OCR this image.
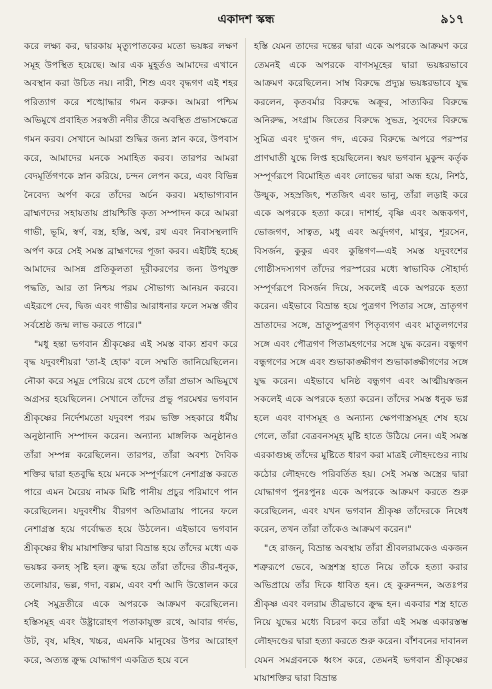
একাদশ স্কন্ধ	৯১৭

করে লক্ষ্য কর, দ্বারকায় মৃত্যুপাতকের মতো ভয়ঙ্কর লক্ষণ সমূহ উপস্থিত হয়েছে। আর এক মুহূর্তও আমাদের এখানে অবস্থান করা উচিত নয়। নারী, শিশু এবং বৃদ্ধগণ এই শহর পরিত্যাগ করে শঙ্খোদ্ধার গমন করুক। আমরা পশ্চিম অভিমুখে প্রবাহিত সরস্বতী নদীর তীরে অবস্থিত প্রভাসক্ষেত্রে গমন করব। সেখানে আমরা শুদ্ধির জন্য স্নান করে, উপবাস করে, আমাদের মনকে সমাহিত করব। তারপর আমরা বেদমূর্তিগণকে স্নান করিয়ে, চন্দন লেপন করে, এবং বিভিন্ন নৈবেদ্য অর্পণ করে তাঁদের অর্চন করব। মহাভাগ্যবান ব্রাহ্মণদের সহায়তায় প্রায়শ্চিত্তি কৃত্য সম্পাদন করে আমরা গাভী, ভূমি, স্বর্ণ, বস্ত্র, হস্তি, অশ্ব, রথ এবং নিবাসস্থলাদি অর্পণ করে সেই সমস্ত ব্রাহ্মণদের পূজা করব। এইটিই হচ্ছে আমাদের আসন্ন প্রতিকূলতা দূরীকরণের জন্য উপযুক্ত পদ্ধতি, আর তা নিশ্চয় পরম সৌভাগ্য আনয়ন করবে। এইরূপে দেব, দ্বিজ এবং গাভীর আরাধনার ফলে সমস্ত জীব সর্বশ্রেষ্ঠ জন্ম লাভ করতে পারে।"

"মধু হন্তা ভগবান শ্রীকৃষ্ণের এই সমস্ত বাক্য শ্রবণ করে বৃদ্ধ যদুবংশীয়রা 'তা-ই হোক' বলে সম্মতি জানিয়েছিলেন। নৌকা করে সমুদ্র পেরিয়ে রথে চেপে তাঁরা প্রভাস অভিমুখে অগ্রসর হয়েছিলেন। সেখানে তাঁদের প্রভু পরমেশ্বর ভগবান শ্রীকৃষ্ণের নির্দেশমতো যদুবংশ পরম ভক্তি সহকারে ধর্মীয় অনুষ্ঠানাদি সম্পাদন করেন। অন্যান্য মাঙ্গলিক অনুষ্ঠানও তাঁরা সম্পন্ন করেছিলেন। তারপর, তাঁরা অবশ্য দৈবিক শক্তির দ্বারা হতবুদ্ধি হয়ে মনকে সম্পূর্ণরূপে নেশাগ্রস্ত করতে পারে এমন মৈরেয় নামক মিষ্টি পানীয় প্রচুর পরিমাণে পান করেছিলেন। যদুবংশীয় বীরগণ অতিমাত্রায় পানের ফলে নেশাগ্রস্ত হয়ে গর্বোদ্ধত হয়ে উঠলেন। এইভাবে ভগবান শ্রীকৃষ্ণের স্বীয় মায়াশক্তির দ্বারা বিভ্রান্ত হয়ে তাঁদের মধ্যে এক ভয়ঙ্কর কলহ সৃষ্টি হল। ক্রুদ্ধ হয়ে তাঁরা তাঁদের তীর-ধনুক, তলোয়ার, ভল্ল, গদা, বল্লম, এবং বর্শা আদি উত্তোলন করে সেই সমুদ্রতীরে একে অপরকে আক্রমণ করেছিলেন। হস্তিসমূহ এবং উষ্ট্রারোহণ পতাকাযুক্ত রথে, আবার গর্দভ, উট, বৃষ, মহিষ, খচ্চর, এমনকি মানুষের উপর আরোহণ করে, অত্যন্ত ক্রুদ্ধ যোদ্ধাগণ একত্রিত হয়ে বনে

হস্তি যেমন তাদের দন্তের দ্বারা একে অপরকে আক্রমণ করে তেমনই একে অপরকে বাণসমূহের দ্বারা ভয়ঙ্করভাবে আক্রমণ করেছিলেন। সাম্ব বিরুদ্ধে প্রদ্যুম্ন ভয়ঙ্করভাবে যুদ্ধ করলেন, কৃতবর্মার বিরুদ্ধে অক্রূর, সাত্যকির বিরুদ্ধে অনিরুদ্ধ, সংগ্রাম জিতের বিরুদ্ধে সুভদ্র, সুবদের বিরুদ্ধে সুমিত্র এবং দু'জন গদ, একের বিরুদ্ধে অপরে পরস্পর প্রাণঘাতী যুদ্ধে লিপ্ত হয়েছিলেন। স্বয়ং ভগবান মুকুন্দ কর্তৃক সম্পূর্ণরূপে বিমোহিত এবং লোভের দ্বারা অন্ধ হয়ে, নিশঠ, উল্মুক, সহস্রজিৎ, শতজিৎ এবং ভানু, তাঁরা লড়াই করে একে অপরকে হত্যা করে। দাশার্হ, বৃষ্ণি এবং অন্ধকগণ, ভোজগণ, সাত্বত, মধু এবং অর্বুদগণ, মাথুর, শূরসেন, বিসর্জন, কুকুর এবং কুন্তিগণ—এই সমস্ত যদুবংশের গোষ্ঠীসদস্যগণ তাঁদের পরস্পরের মধ্যে স্বাভাবিক সৌহার্দ্য সম্পূর্ণরূপে বিসর্জন দিয়ে, সকলেই একে অপরকে হত্যা করেন। এইভাবে বিভ্রান্ত হয়ে পুত্রগণ পিতার সঙ্গে, ভ্রাতৃগণ ভ্রাতাদের সঙ্গে, ভ্রাতুষ্পুত্রগণ পিতৃব্যগণ এবং মাতুলগণের সঙ্গে এবং পৌত্রগণ পিতামহগণের সঙ্গে যুদ্ধ করেন। বন্ধুগণ বন্ধুগণের সঙ্গে এবং শুভাকাঙ্ক্ষীগণ শুভাকাঙ্ক্ষীগণের সঙ্গে যুদ্ধ করেন। এইভাবে ঘনিষ্ঠ বন্ধুগণ এবং আত্মীয়স্বজন সকলেই একে অপরকে হত্যা করেন। তাঁদের সমস্ত ধনুক ভগ্ন হলে এবং বাণসমূহ ও অন্যান্য ক্ষেপণাস্ত্রসমূহ শেষ হয়ে গেলে, তাঁরা বেত্রবনসমূহ মুষ্টি হাতে উঠিয়ে নেন। এই সমস্ত এরকাগুচ্ছ তাঁদের মুষ্টিতে ধারণ করা মাত্রই লৌহদণ্ডের ন্যায় কঠোর লৌহদণ্ডে পরিবর্তিত হয়। সেই সমস্ত অস্ত্রের দ্বারা যোদ্ধাগণ পুনঃপুনঃ একে অপরকে আক্রমণ করতে শুরু করেছিলেন, এবং যখন ভগবান শ্রীকৃষ্ণ তাঁদেরকে নিষেধ করেন, তখন তাঁরা তাঁকেও আক্রমণ করেন।"

"হে রাজন্, বিভ্রান্ত অবস্থায় তাঁরা শ্রীবলরামকেও একজন শত্রুরূপে ভেবে, অস্ত্রশস্ত্র হাতে নিয়ে তাঁকে হত্যা করার অভিপ্রায়ে তাঁর দিকে ধাবিত হন। হে কুরুনন্দন, অতঃপর শ্রীকৃষ্ণ এবং বলরাম তীব্রভাবে ক্রুদ্ধ হন। একবার শস্ত্র হাতে নিয়ে যুদ্ধের মধ্যে বিচরণ করে তাঁরা এই সমস্ত একারস্তম্ভ লৌহদণ্ডের দ্বারা হত্যা করতে শুরু করেন। বাঁশবনের দাবানল যেমন সমগ্রবনকে ধ্বংস করে, তেমনই ভগবান শ্রীকৃষ্ণের মায়াশক্তির দ্বারা বিভ্রান্ত
